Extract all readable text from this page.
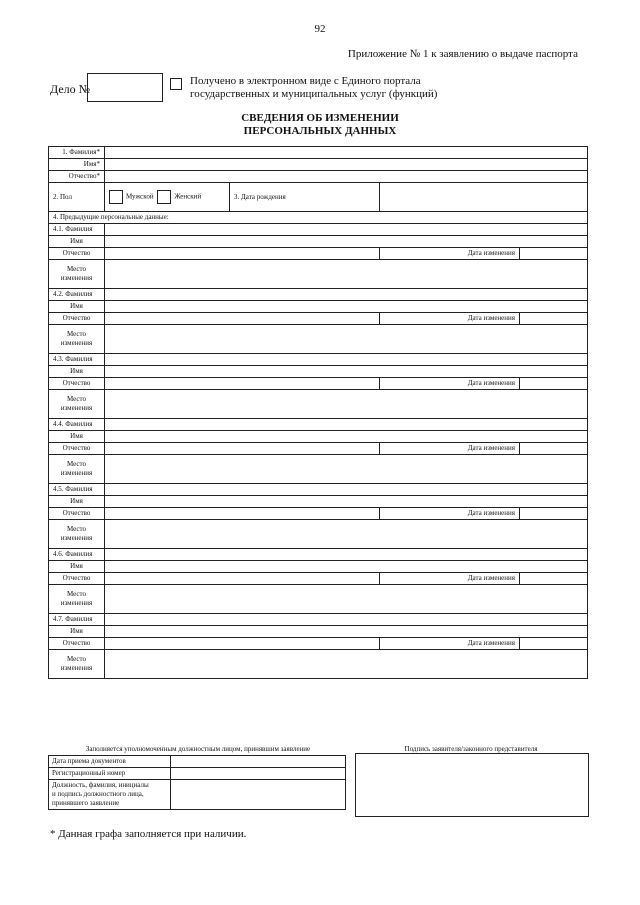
92
Приложение № 1 к заявлению о выдаче паспорта
Дело №
Получено в электронном виде с Единого портала
государственных и муниципальных услуг (функций)
СВЕДЕНИЯ ОБ ИЗМЕНЕНИИ
ПЕРСОНАЛЬНЫХ ДАННЫХ
1. Фамилия*				
Имя*				
Отчество*				
2. Пол	Мужской Женский	3. Дата рождения		
4. Предыдущие персональные данные:				
4.1. Фамилия				
Имя				
Отчество			Дата изменения	

Место
изменения				

4.2. Фамилия				
Имя				
Отчество			Дата изменения	

Место
изменения				

4.3. Фамилия				
Имя				
Отчество			Дата изменения	

Место
изменения				

4.4. Фамилия				
Имя				
Отчество			Дата изменения	

Место
изменения				

4.5. Фамилия				
Имя				
Отчество			Дата изменения	

Место
изменения				

4.6. Фамилия				
Имя				
Отчество			Дата изменения	

Место
изменения				

4.7. Фамилия				
Имя				
Отчество			Дата изменения	

Место
изменения				

Заполняется уполномоченным должностным лицом, принявшим заявление
Дата приема документов	
Регистрационный номер	

Должность, фамилия, инициалы
и подпись должностного лица,
принявшего заявление	

Подпись заявителя/законного представителя
* Данная графа заполняется при наличии.
